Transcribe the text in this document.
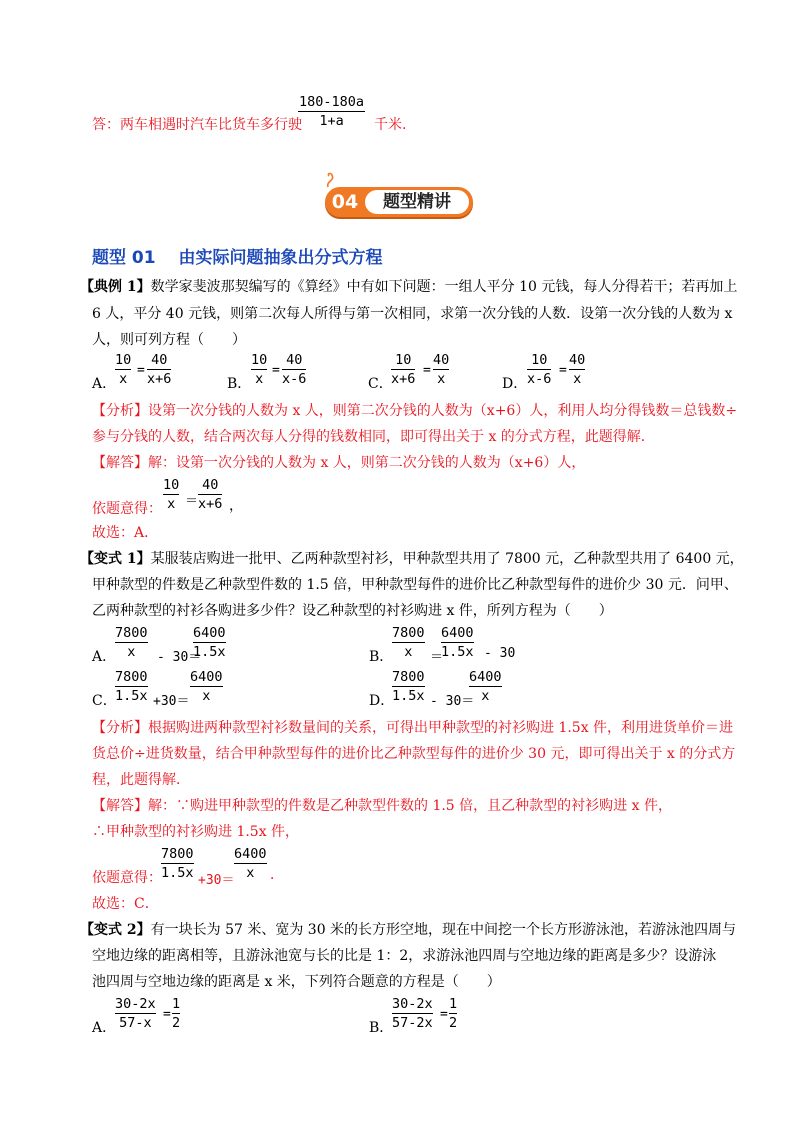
答：两车相遇时汽车比货车多行驶
180-180a
1+a 千米.
04	题型精讲
题型 01　 由实际问题抽象出分式方程
【典例 1】数学家斐波那契编写的《算经》中有如下问题：一组人平分 10 元钱，每人分得若干；若再加上
6 人，平分 40 元钱，则第二次每人所得与第一次相同，求第一次分钱的人数．设第一次分钱的人数为 x
人，则可列方程（　　）
A．
10
x
=
40
x+6	B．
10
x
=
40
x-6	C．
10
x+6
=
40
x	D．
10
x-6
=
40
x
【分析】设第一次分钱的人数为 x 人，则第二次分钱的人数为（x+6）人，利用人均分得钱数＝总钱数÷
参与分钱的人数，结合两次每人分得的钱数相同，即可得出关于 x 的分式方程，此题得解．
【解答】解：设第一次分钱的人数为 x 人，则第二次分钱的人数为（x+6）人，
依题意得：
10
x ＝
40
x+6 ，
故选：A．
【变式 1】某服装店购进一批甲、乙两种款型衬衫，甲种款型共用了 7800 元，乙种款型共用了 6400 元，
甲种款型的件数是乙种款型件数的 1.5 倍，甲种款型每件的进价比乙种款型每件的进价少 30 元．问甲、
乙两种款型的衬衫各购进多少件？设乙种款型的衬衫购进 x 件，所列方程为（　　）
A．
7800
x - 30＝
6400
1.5x	B．
7800
x ＝
6400
1.5x - 30
C．
7800
1.5x +30＝
6400
x	D．
7800
1.5x - 30＝
6400
x
【分析】根据购进两种款型衬衫数量间的关系，可得出甲种款型的衬衫购进 1.5x 件，利用进货单价＝进
货总价÷进货数量，结合甲种款型每件的进价比乙种款型每件的进价少 30 元，即可得出关于 x 的分式方
程，此题得解．
【解答】解：∵购进甲种款型的件数是乙种款型件数的 1.5 倍，且乙种款型的衬衫购进 x 件，
∴甲种款型的衬衫购进 1.5x 件，
依题意得：
7800
1.5x +30＝
6400
x ．
故选：C．
【变式 2】有一块长为 57 米、宽为 30 米的长方形空地，现在中间挖一个长方形游泳池，若游泳池四周与
空地边缘的距离相等，且游泳池宽与长的比是 1：2，求游泳池四周与空地边缘的距离是多少？设游泳
池四周与空地边缘的距离是 x 米，下列符合题意的方程是（　　）
A．
30-2x
57-x
=
1
2	B．
30-2x
57-2x
=
1
2
